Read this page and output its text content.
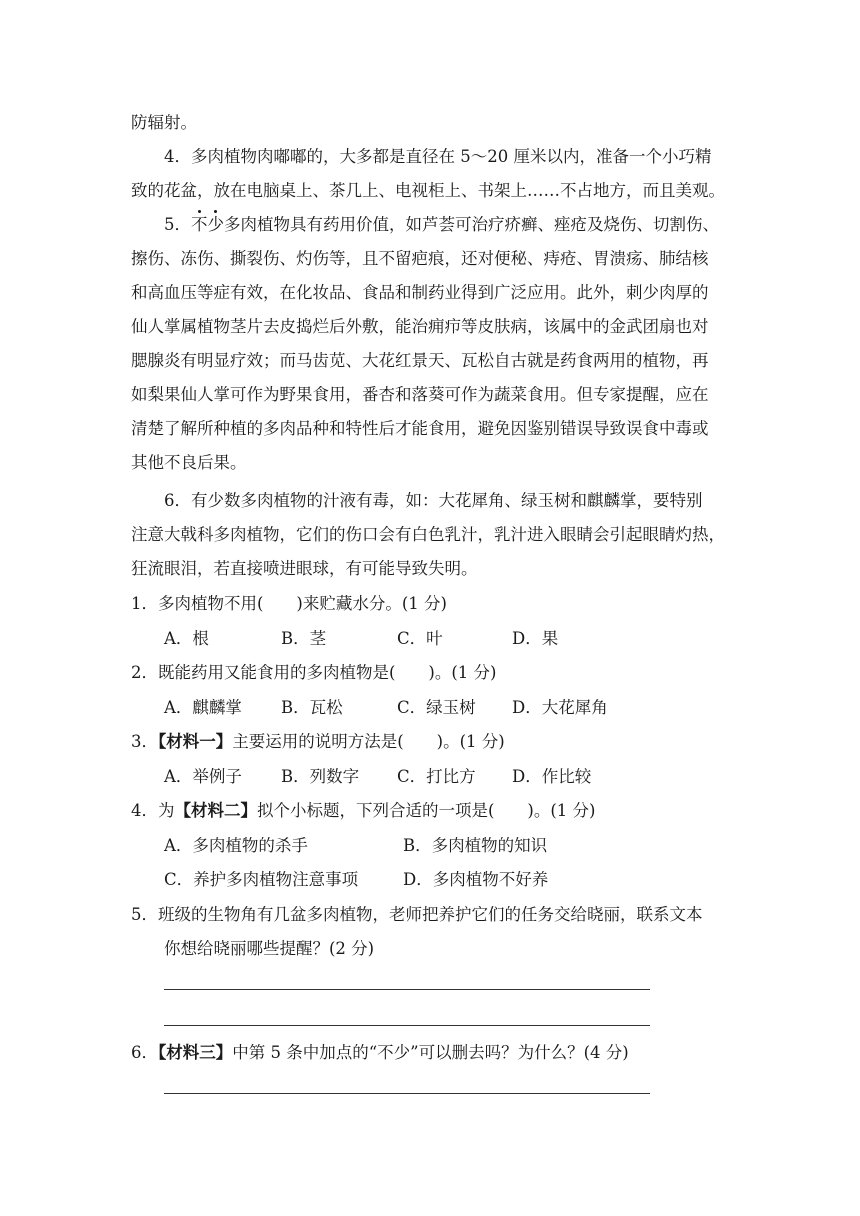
防辐射。
4．多肉植物肉嘟嘟的，大多都是直径在 5～20 厘米以内，准备一个小巧精
致的花盆，放在电脑桌上、茶几上、电视柜上、书架上……不占地方，而且美观。
5．不少多肉植物具有药用价值，如芦荟可治疗疥癣、痤疮及烧伤、切割伤、
擦伤、冻伤、撕裂伤、灼伤等，且不留疤痕，还对便秘、痔疮、胃溃疡、肺结核
和高血压等症有效，在化妆品、食品和制药业得到广泛应用。此外，刺少肉厚的
仙人掌属植物茎片去皮捣烂后外敷，能治痈疖等皮肤病，该属中的金武团扇也对
腮腺炎有明显疗效；而马齿苋、大花红景天、瓦松自古就是药食两用的植物，再
如梨果仙人掌可作为野果食用，番杏和落葵可作为蔬菜食用。但专家提醒，应在
清楚了解所种植的多肉品种和特性后才能食用，避免因鉴别错误导致误食中毒或
其他不良后果。
6．有少数多肉植物的汁液有毒，如：大花犀角、绿玉树和麒麟掌，要特别
注意大戟科多肉植物，它们的伤口会有白色乳汁，乳汁进入眼睛会引起眼睛灼热，
狂流眼泪，若直接喷进眼球，有可能导致失明。
1．多肉植物不用(　　)来贮藏水分。(1 分)
A．根	B．茎	C．叶	D．果
2．既能药用又能食用的多肉植物是(　　)。(1 分)
A．麒麟掌 B．瓦松	C．绿玉树 D．大花犀角
3．【材料一】主要运用的说明方法是(　　)。(1 分)
A．举例子 B．列数字 C．打比方 D．作比较
4．为【材料二】拟个小标题，下列合适的一项是(　　)。(1 分)
A．多肉植物的杀手	B．多肉植物的知识
C．养护多肉植物注意事项	D．多肉植物不好养
5．班级的生物角有几盆多肉植物，老师把养护它们的任务交给晓丽，联系文本
你想给晓丽哪些提醒？(2 分)
6．【材料三】中第 5 条中加点的“不少”可以删去吗？为什么？(4 分)
